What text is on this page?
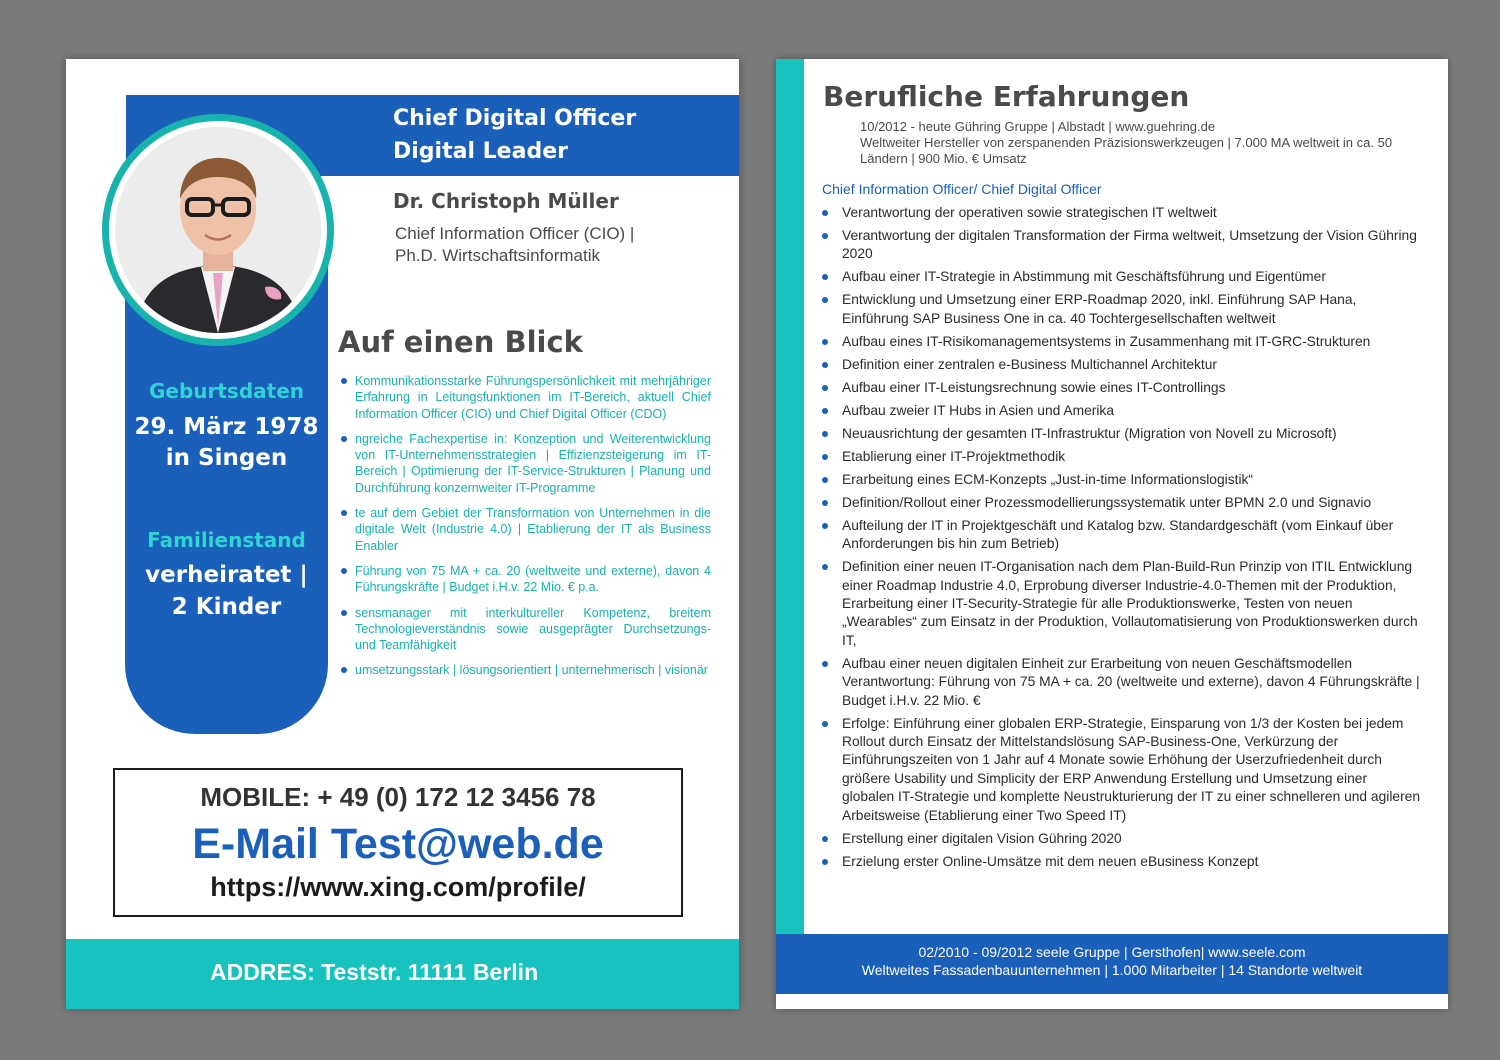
Chief Digital Officer
Digital Leader
Dr. Christoph Müller
Chief Information Officer (CIO) |
Ph.D. Wirtschaftsinformatik
Geburtsdaten
29. März 1978
in Singen
Familienstand
verheiratet |
2 Kinder
Auf einen Blick
Kommunikationsstarke Führungspersönlichkeit mit mehrjähriger Erfahrung in Leitungsfunktionen im IT-Bereich, aktuell Chief Information Officer (CIO) und Chief Digital Officer (CDO)
ngreiche Fachexpertise in: Konzeption und Weiterentwicklung von IT-Unternehmensstrategien | Effizienzsteigerung im IT-Bereich | Optimierung der IT-Service-Strukturen | Planung und Durchführung konzernweiter IT-Programme
te auf dem Gebiet der Transformation von Unternehmen in die digitale Welt (Industrie 4.0) | Etablierung der IT als Business Enabler
Führung von 75 MA + ca. 20 (weltweite und externe), davon 4 Führungskräfte | Budget i.H.v. 22 Mio. € p.a.
sensmanager mit interkultureller Kompetenz, breitem Technologieverständnis sowie ausgeprägter Durchsetzungs- und Teamfähigkeit
umsetzungsstark | lösungsorientiert | unternehmerisch | visionär
MOBILE: + 49 (0) 172 12 3456 78
E-Mail Test@web.de
https://www.xing.com/profile/
ADDRES: Teststr. 11111 Berlin
Berufliche Erfahrungen
10/2012 - heute Gühring Gruppe | Albstadt | www.guehring.de
Weltweiter Hersteller von zerspanenden Präzisionswerkzeugen | 7.000 MA weltweit in ca. 50 Ländern | 900 Mio. € Umsatz
Chief Information Officer/ Chief Digital Officer
Verantwortung der operativen sowie strategischen IT weltweit
Verantwortung der digitalen Transformation der Firma weltweit, Umsetzung der Vision Gühring 2020
Aufbau einer IT-Strategie in Abstimmung mit Geschäftsführung und Eigentümer
Entwicklung und Umsetzung einer ERP-Roadmap 2020, inkl. Einführung SAP Hana, Einführung SAP Business One in ca. 40 Tochtergesellschaften weltweit
Aufbau eines IT-Risikomanagementsystems in Zusammenhang mit IT-GRC-Strukturen
Definition einer zentralen e-Business Multichannel Architektur
Aufbau einer IT-Leistungsrechnung sowie eines IT-Controllings
Aufbau zweier IT Hubs in Asien und Amerika
Neuausrichtung der gesamten IT-Infrastruktur (Migration von Novell zu Microsoft)
Etablierung einer IT-Projektmethodik
Erarbeitung eines ECM-Konzepts „Just-in-time Informationslogistik“
Definition/Rollout einer Prozessmodellierungssystematik unter BPMN 2.0 und Signavio
Aufteilung der IT in Projektgeschäft und Katalog bzw. Standardgeschäft (vom Einkauf über Anforderungen bis hin zum Betrieb)
Definition einer neuen IT-Organisation nach dem Plan-Build-Run Prinzip von ITIL Entwicklung einer Roadmap Industrie 4.0, Erprobung diverser Industrie-4.0-Themen mit der Produktion, Erarbeitung einer IT-Security-Strategie für alle Produktionswerke, Testen von neuen „Wearables“ zum Einsatz in der Produktion, Vollautomatisierung von Produktionswerken durch IT,
Aufbau einer neuen digitalen Einheit zur Erarbeitung von neuen Geschäftsmodellen Verantwortung: Führung von 75 MA + ca. 20 (weltweite und externe), davon 4 Führungskräfte | Budget i.H.v. 22 Mio. €
Erfolge: Einführung einer globalen ERP-Strategie, Einsparung von 1/3 der Kosten bei jedem Rollout durch Einsatz der Mittelstandslösung SAP-Business-One, Verkürzung der Einführungszeiten von 1 Jahr auf 4 Monate sowie Erhöhung der Userzufriedenheit durch größere Usability und Simplicity der ERP Anwendung Erstellung und Umsetzung einer globalen IT-Strategie und komplette Neustrukturierung der IT zu einer schnelleren und agileren Arbeitsweise (Etablierung einer Two Speed IT)
Erstellung einer digitalen Vision Gühring 2020
Erzielung erster Online-Umsätze mit dem neuen eBusiness Konzept
02/2010 - 09/2012 seele Gruppe | Gersthofen| www.seele.com
Weltweites Fassadenbauunternehmen | 1.000 Mitarbeiter | 14 Standorte weltweit
